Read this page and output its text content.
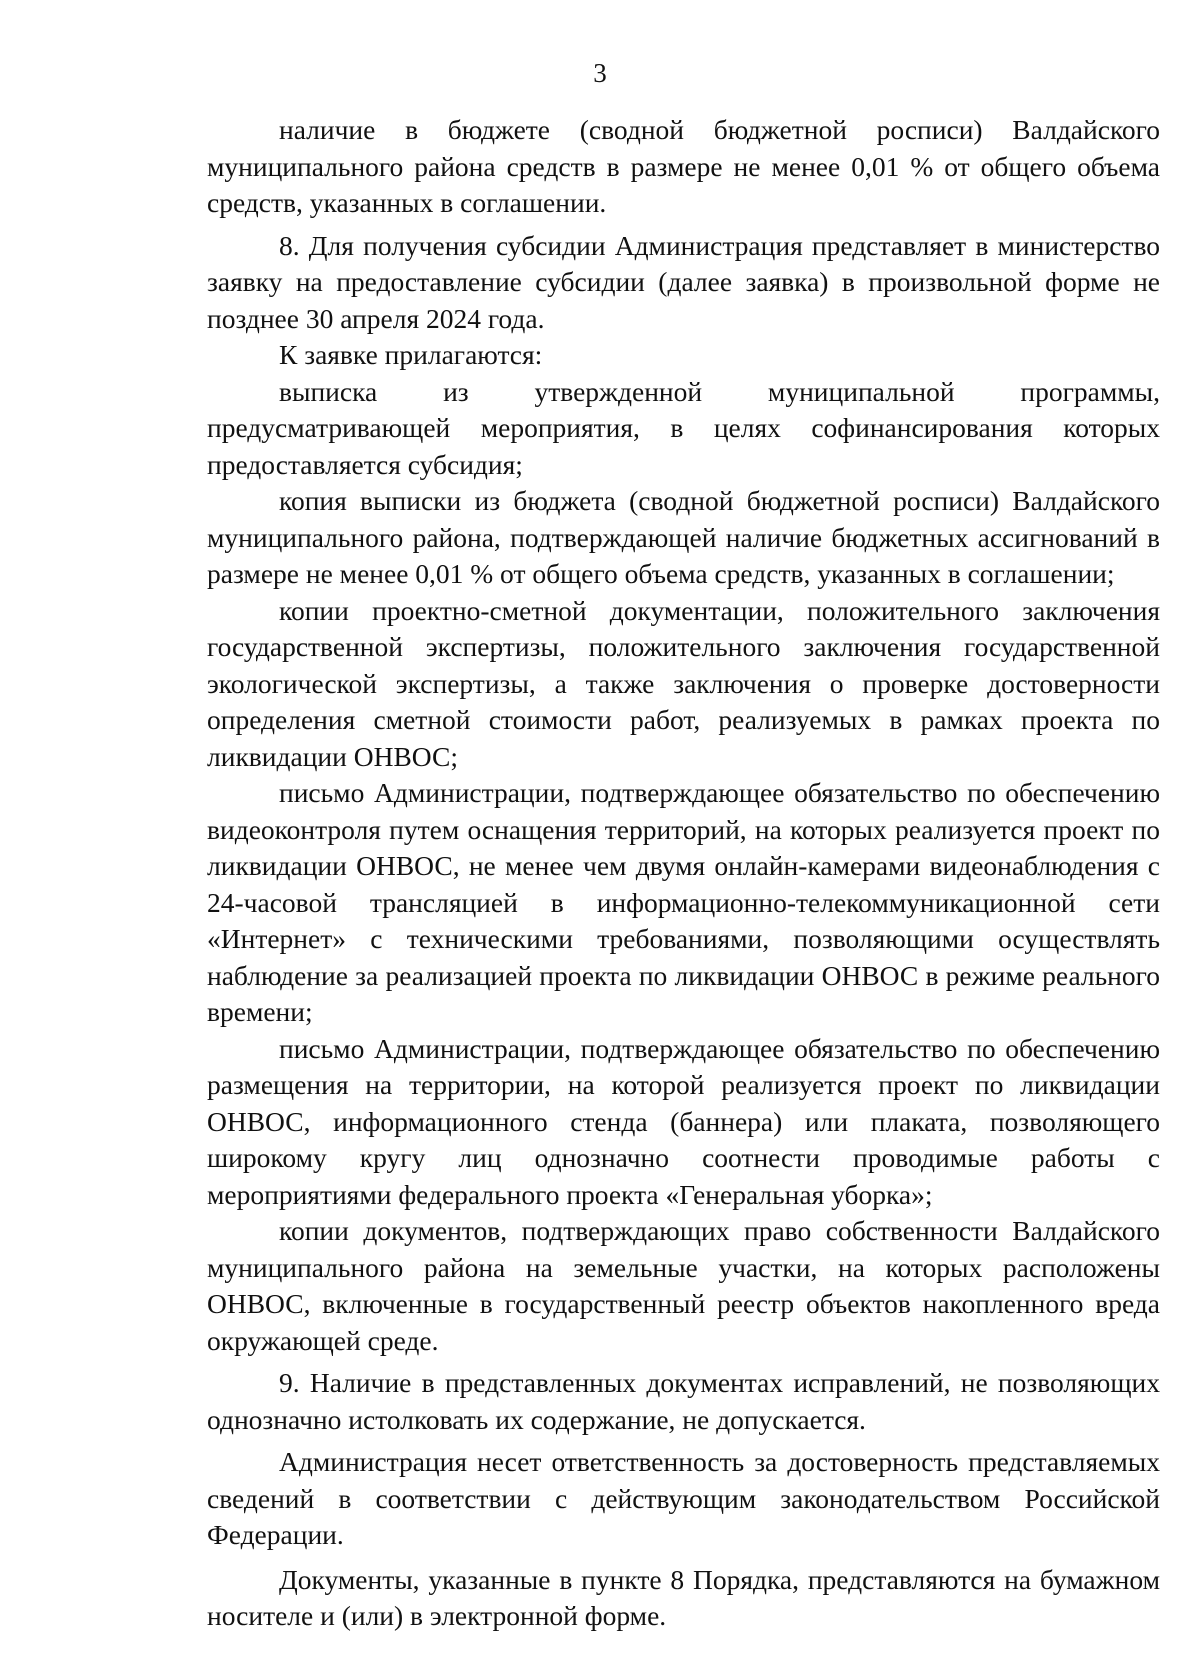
3

наличие в бюджете (сводной бюджетной росписи) Валдайского муниципального района средств в размере не менее 0,01 % от общего объема средств, указанных в соглашении.

8. Для получения субсидии Администрация представляет в министерство заявку на предоставление субсидии (далее заявка) в произвольной форме не позднее 30 апреля 2024 года.

К заявке прилагаются:

выписка из утвержденной муниципальной программы, предусматривающей мероприятия, в целях софинансирования которых предоставляется субсидия;

копия выписки из бюджета (сводной бюджетной росписи) Валдайского муниципального района, подтверждающей наличие бюджетных ассигнований в размере не менее 0,01 % от общего объема средств, указанных в соглашении;

копии проектно-сметной документации, положительного заключения государственной экспертизы, положительного заключения государственной экологической экспертизы, а также заключения о проверке достоверности определения сметной стоимости работ, реализуемых в рамках проекта по ликвидации ОНВОС;

письмо Администрации, подтверждающее обязательство по обеспечению видеоконтроля путем оснащения территорий, на которых реализуется проект по ликвидации ОНВОС, не менее чем двумя онлайн-камерами видеонаблюдения с 24-часовой трансляцией в информационно-телекоммуникационной сети «Интернет» с техническими требованиями, позволяющими осуществлять наблюдение за реализацией проекта по ликвидации ОНВОС в режиме реального времени;

письмо Администрации, подтверждающее обязательство по обеспечению размещения на территории, на которой реализуется проект по ликвидации ОНВОС, информационного стенда (баннера) или плаката, позволяющего широкому кругу лиц однозначно соотнести проводимые работы с мероприятиями федерального проекта «Генеральная уборка»;

копии документов, подтверждающих право собственности Валдайского муниципального района на земельные участки, на которых расположены ОНВОС, включенные в государственный реестр объектов накопленного вреда окружающей среде.

9. Наличие в представленных документах исправлений, не позволяющих однозначно истолковать их содержание, не допускается.

Администрация несет ответственность за достоверность представляемых сведений в соответствии с действующим законодательством Российской Федерации.

Документы, указанные в пункте 8 Порядка, представляются на бумажном носителе и (или) в электронной форме.
